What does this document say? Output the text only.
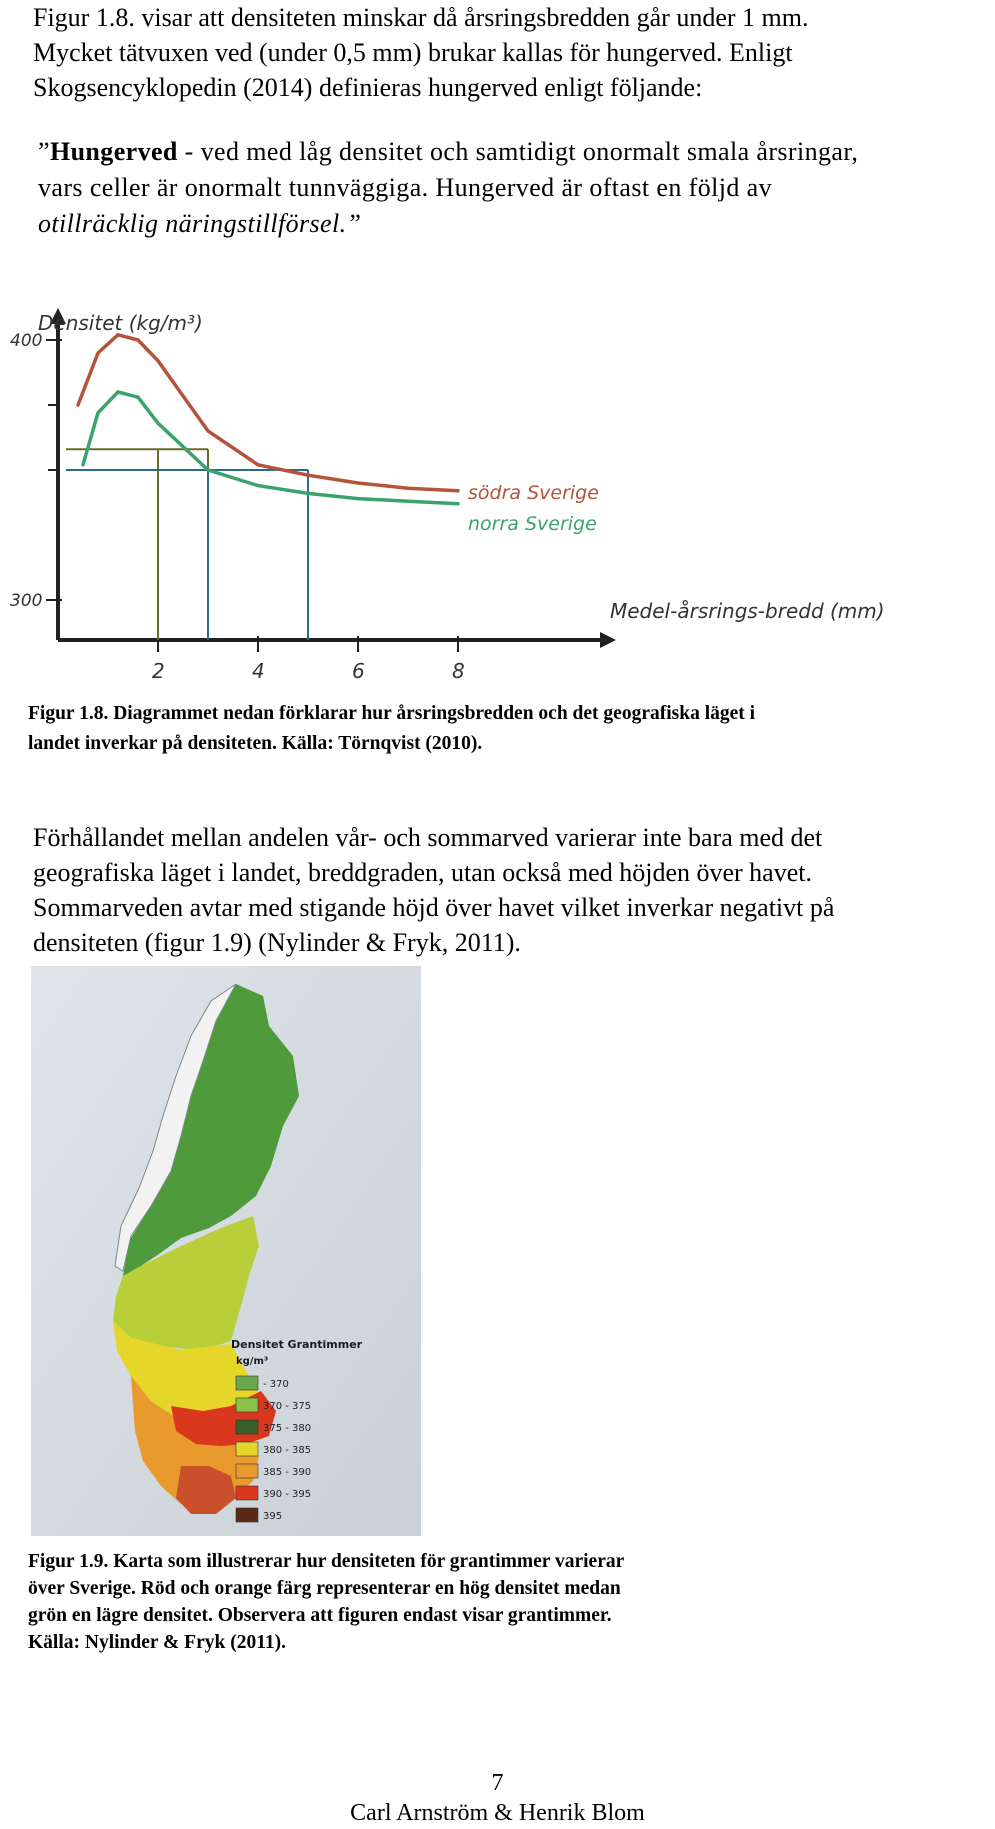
Figur 1.8. visar att densiteten minskar då årsringsbredden går under 1 mm.

Mycket tätvuxen ved (under 0,5 mm) brukar kallas för hungerved. Enligt

Skogsencyklopedin (2014) definieras hungerved enligt följande:

”Hungerved - ved med låg densitet och samtidigt onormalt smala årsringar,

vars celler är onormalt tunnväggiga. Hungerved är oftast en följd av

otillräcklig näringstillförsel.”

300
400
2	4	6	8
Densitet (kg/m³)
Medel-årsrings-bredd (mm)
södra Sverige
norra Sverige

Figur 1.8. Diagrammet nedan förklarar hur årsringsbredden och det geografiska läget i

landet inverkar på densiteten. Källa: Törnqvist (2010).

Förhållandet mellan andelen vår- och sommarved varierar inte bara med det

geografiska läget i landet, breddgraden, utan också med höjden över havet.

Sommarveden avtar med stigande höjd över havet vilket inverkar negativt på

densiteten (figur 1.9) (Nylinder & Fryk, 2011).

Densitet Grantimmer
kg/m³
- 370
370 - 375
375 - 380
380 - 385
385 - 390
390 - 395
395

Figur 1.9. Karta som illustrerar hur densiteten för grantimmer varierar

över Sverige. Röd och orange färg representerar en hög densitet medan

grön en lägre densitet. Observera att figuren endast visar grantimmer.

Källa: Nylinder & Fryk (2011).

7

Carl Arnström & Henrik Blom
